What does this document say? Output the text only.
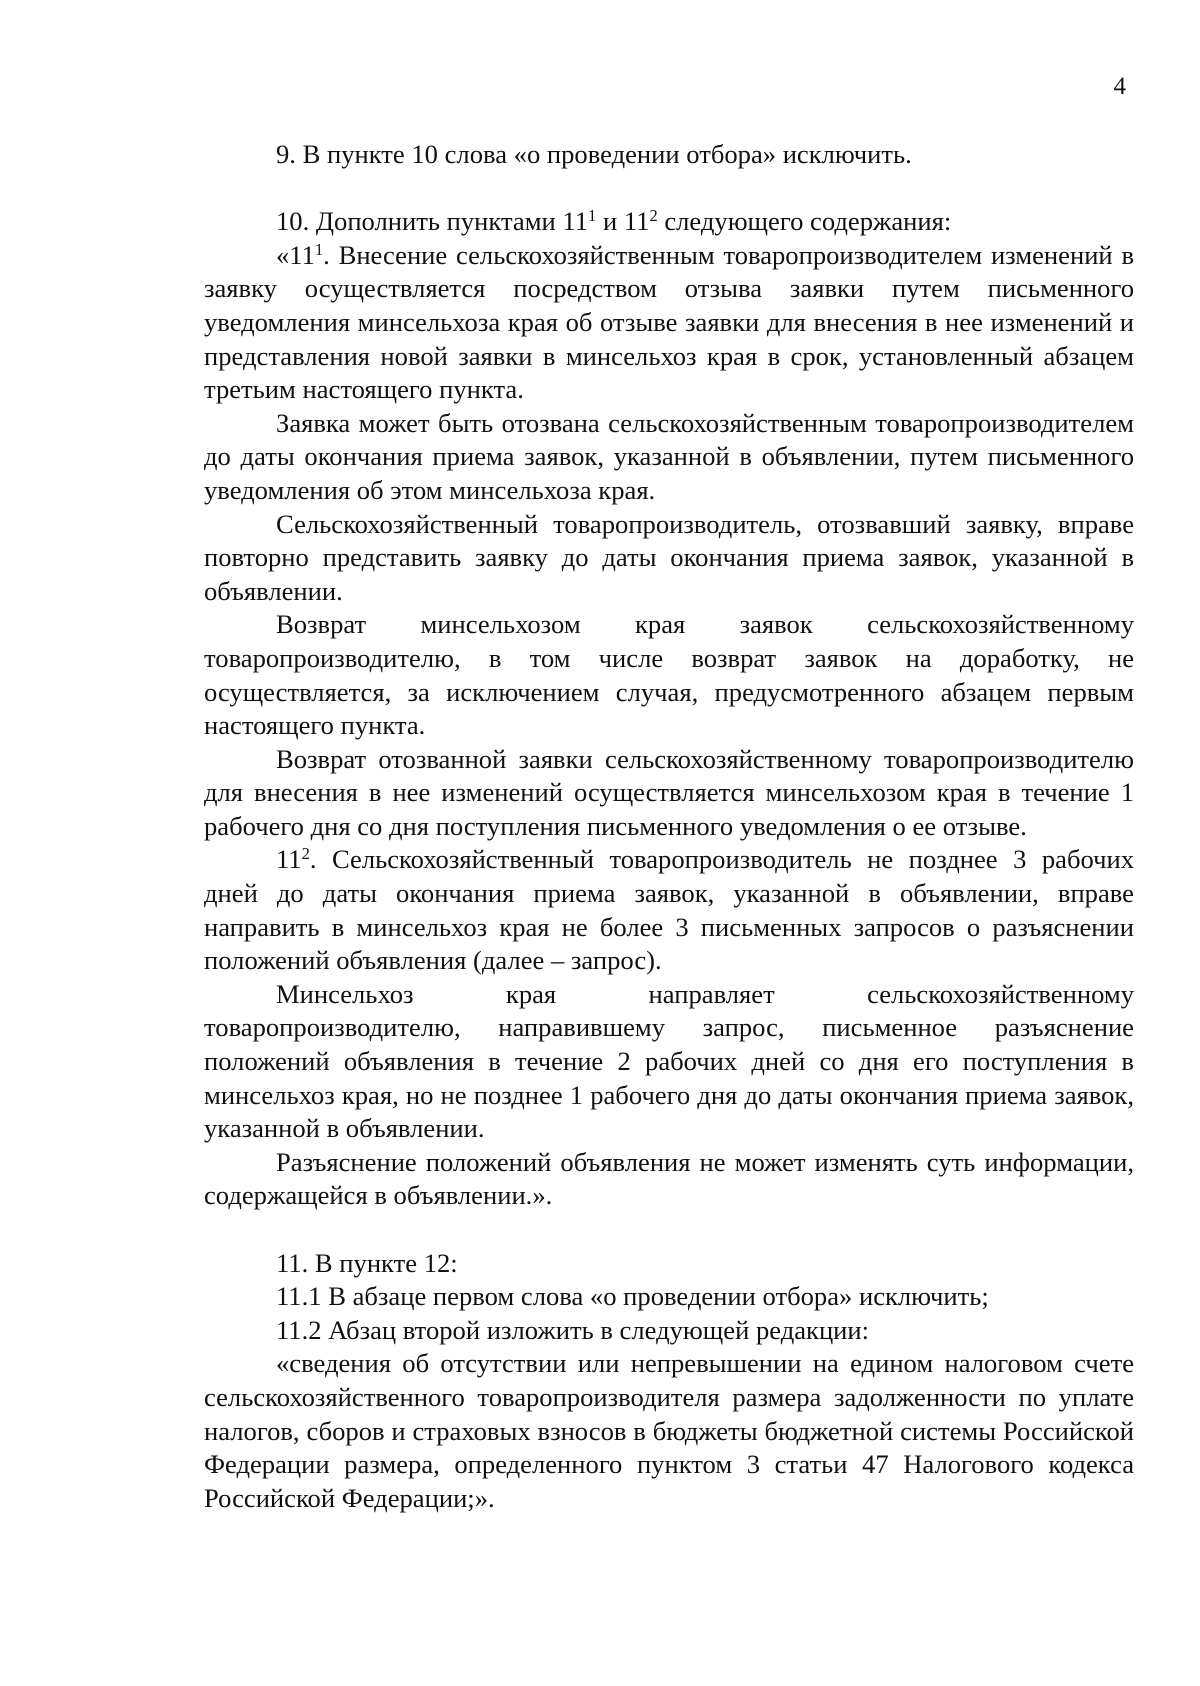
4

9. В пункте 10 слова «о проведении отбора» исключить.

10. Дополнить пунктами $11^1$ и $11^2$ следующего содержания:

«$11^1$. Внесение сельскохозяйственным товаропроизводителем изменений в заявку осуществляется посредством отзыва заявки путем письменного уведомления минсельхоза края об отзыве заявки для внесения в нее изменений и представления новой заявки в минсельхоз края в срок, установленный абзацем третьим настоящего пункта.

Заявка может быть отозвана сельскохозяйственным товаропроизводителем до даты окончания приема заявок, указанной в объявлении, путем письменного уведомления об этом минсельхоза края.

Сельскохозяйственный товаропроизводитель, отозвавший заявку, вправе повторно представить заявку до даты окончания приема заявок, указанной в объявлении.

Возврат минсельхозом края заявок сельскохозяйственному товаропроизводителю, в том числе возврат заявок на доработку, не осуществляется, за исключением случая, предусмотренного абзацем первым настоящего пункта.

Возврат отозванной заявки сельскохозяйственному товаропроизводителю для внесения в нее изменений осуществляется минсельхозом края в течение 1 рабочего дня со дня поступления письменного уведомления о ее отзыве.

$11^2$. Сельскохозяйственный товаропроизводитель не позднее 3 рабочих дней до даты окончания приема заявок, указанной в объявлении, вправе направить в минсельхоз края не более 3 письменных запросов о разъяснении положений объявления (далее – запрос).

Минсельхоз края направляет сельскохозяйственному товаропроизводителю, направившему запрос, письменное разъяснение положений объявления в течение 2 рабочих дней со дня его поступления в минсельхоз края, но не позднее 1 рабочего дня до даты окончания приема заявок, указанной в объявлении.

Разъяснение положений объявления не может изменять суть информации, содержащейся в объявлении.».

11. В пункте 12:

11.1 В абзаце первом слова «о проведении отбора» исключить;

11.2 Абзац второй изложить в следующей редакции:

«сведения об отсутствии или непревышении на едином налоговом счете сельскохозяйственного товаропроизводителя размера задолженности по уплате налогов, сборов и страховых взносов в бюджеты бюджетной системы Российской Федерации размера, определенного пунктом 3 статьи 47 Налогового кодекса Российской Федерации;».
